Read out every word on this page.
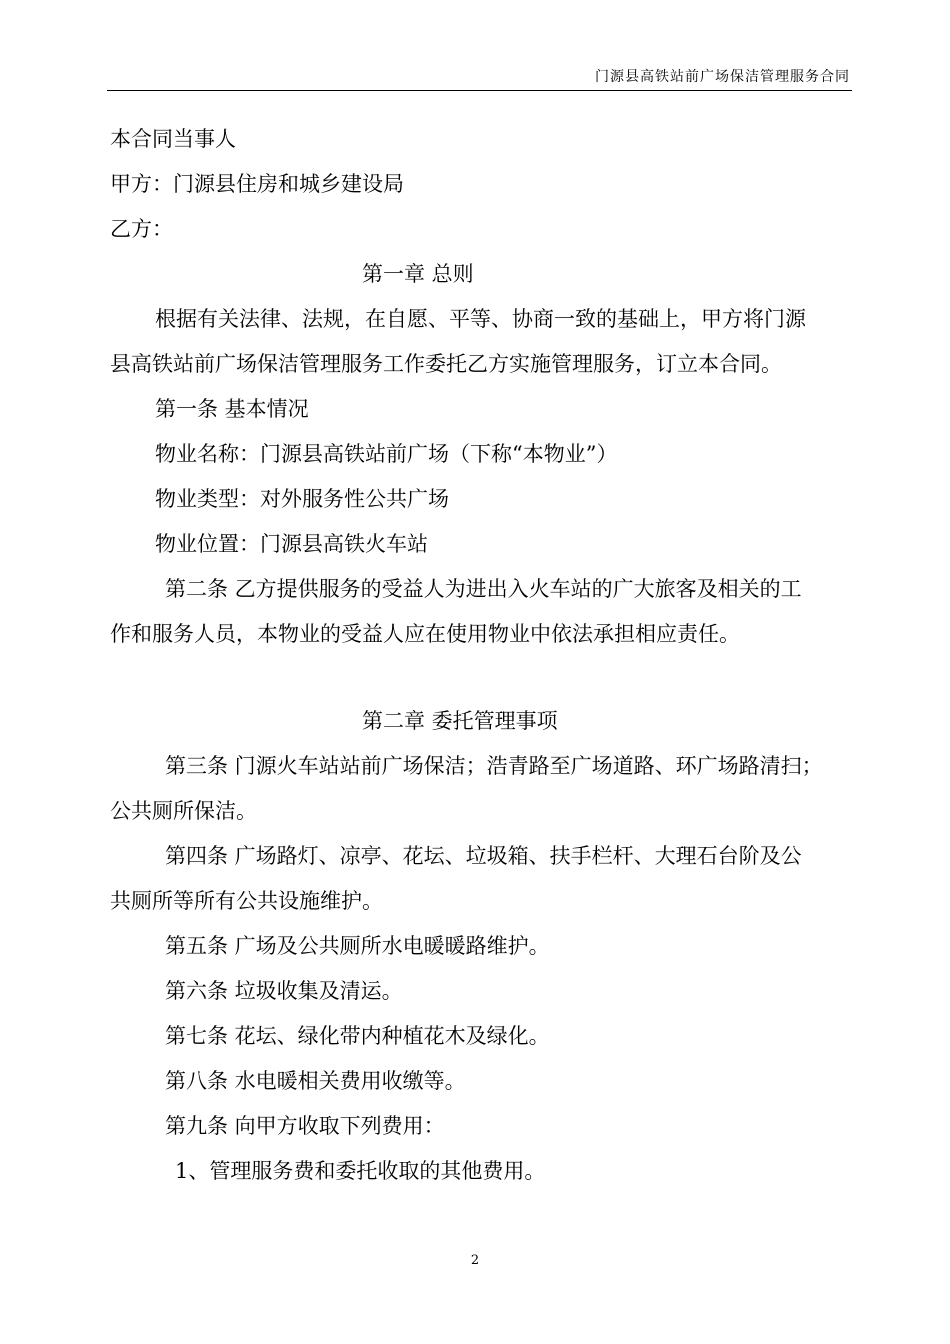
门源县高铁站前广场保洁管理服务合同
本合同当事人
甲方：门源县住房和城乡建设局
乙方：
第一章 总则
根据有关法律、法规，在自愿、平等、协商一致的基础上，甲方将门源
县高铁站前广场保洁管理服务工作委托乙方实施管理服务，订立本合同。
第一条 基本情况
物业名称：门源县高铁站前广场（下称“本物业”）
物业类型：对外服务性公共广场
物业位置：门源县高铁火车站
第二条 乙方提供服务的受益人为进出入火车站的广大旅客及相关的工
作和服务人员，本物业的受益人应在使用物业中依法承担相应责任。
第二章 委托管理事项
第三条 门源火车站站前广场保洁；浩青路至广场道路、环广场路清扫；
公共厕所保洁。
第四条 广场路灯、凉亭、花坛、垃圾箱、扶手栏杆、大理石台阶及公
共厕所等所有公共设施维护。
第五条 广场及公共厕所水电暖暖路维护。
第六条 垃圾收集及清运。
第七条 花坛、绿化带内种植花木及绿化。
第八条 水电暖相关费用收缴等。
第九条 向甲方收取下列费用：
1、管理服务费和委托收取的其他费用。
2
